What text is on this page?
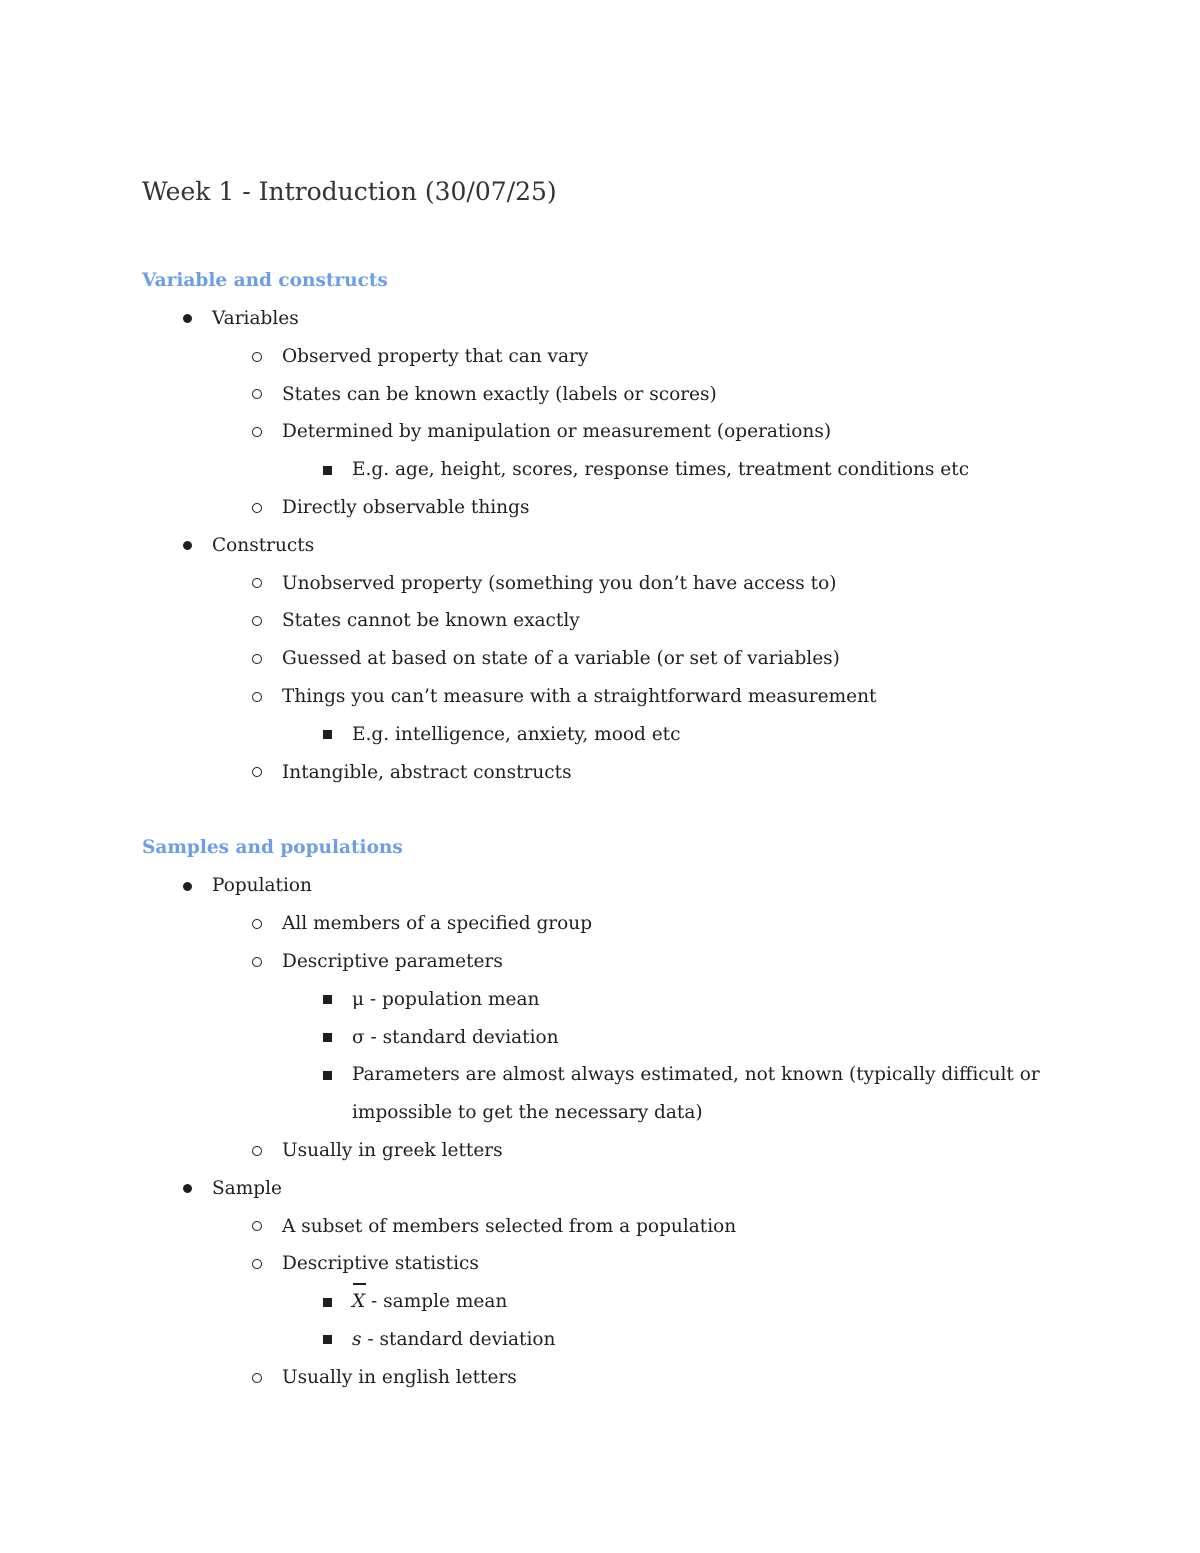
Week 1 - Introduction (30/07/25)
Variable and constructs
Variables
Observed property that can vary
States can be known exactly (labels or scores)
Determined by manipulation or measurement (operations)
E.g. age, height, scores, response times, treatment conditions etc
Directly observable things
Constructs
Unobserved property (something you don’t have access to)
States cannot be known exactly
Guessed at based on state of a variable (or set of variables)
Things you can’t measure with a straightforward measurement
E.g. intelligence, anxiety, mood etc
Intangible, abstract constructs
Samples and populations
Population
All members of a specified group
Descriptive parameters
μ - population mean
σ - standard deviation
Parameters are almost always estimated, not known (typically difficult or impossible to get the necessary data)
Usually in greek letters
Sample
A subset of members selected from a population
Descriptive statistics
X - sample mean
s - standard deviation
Usually in english letters
